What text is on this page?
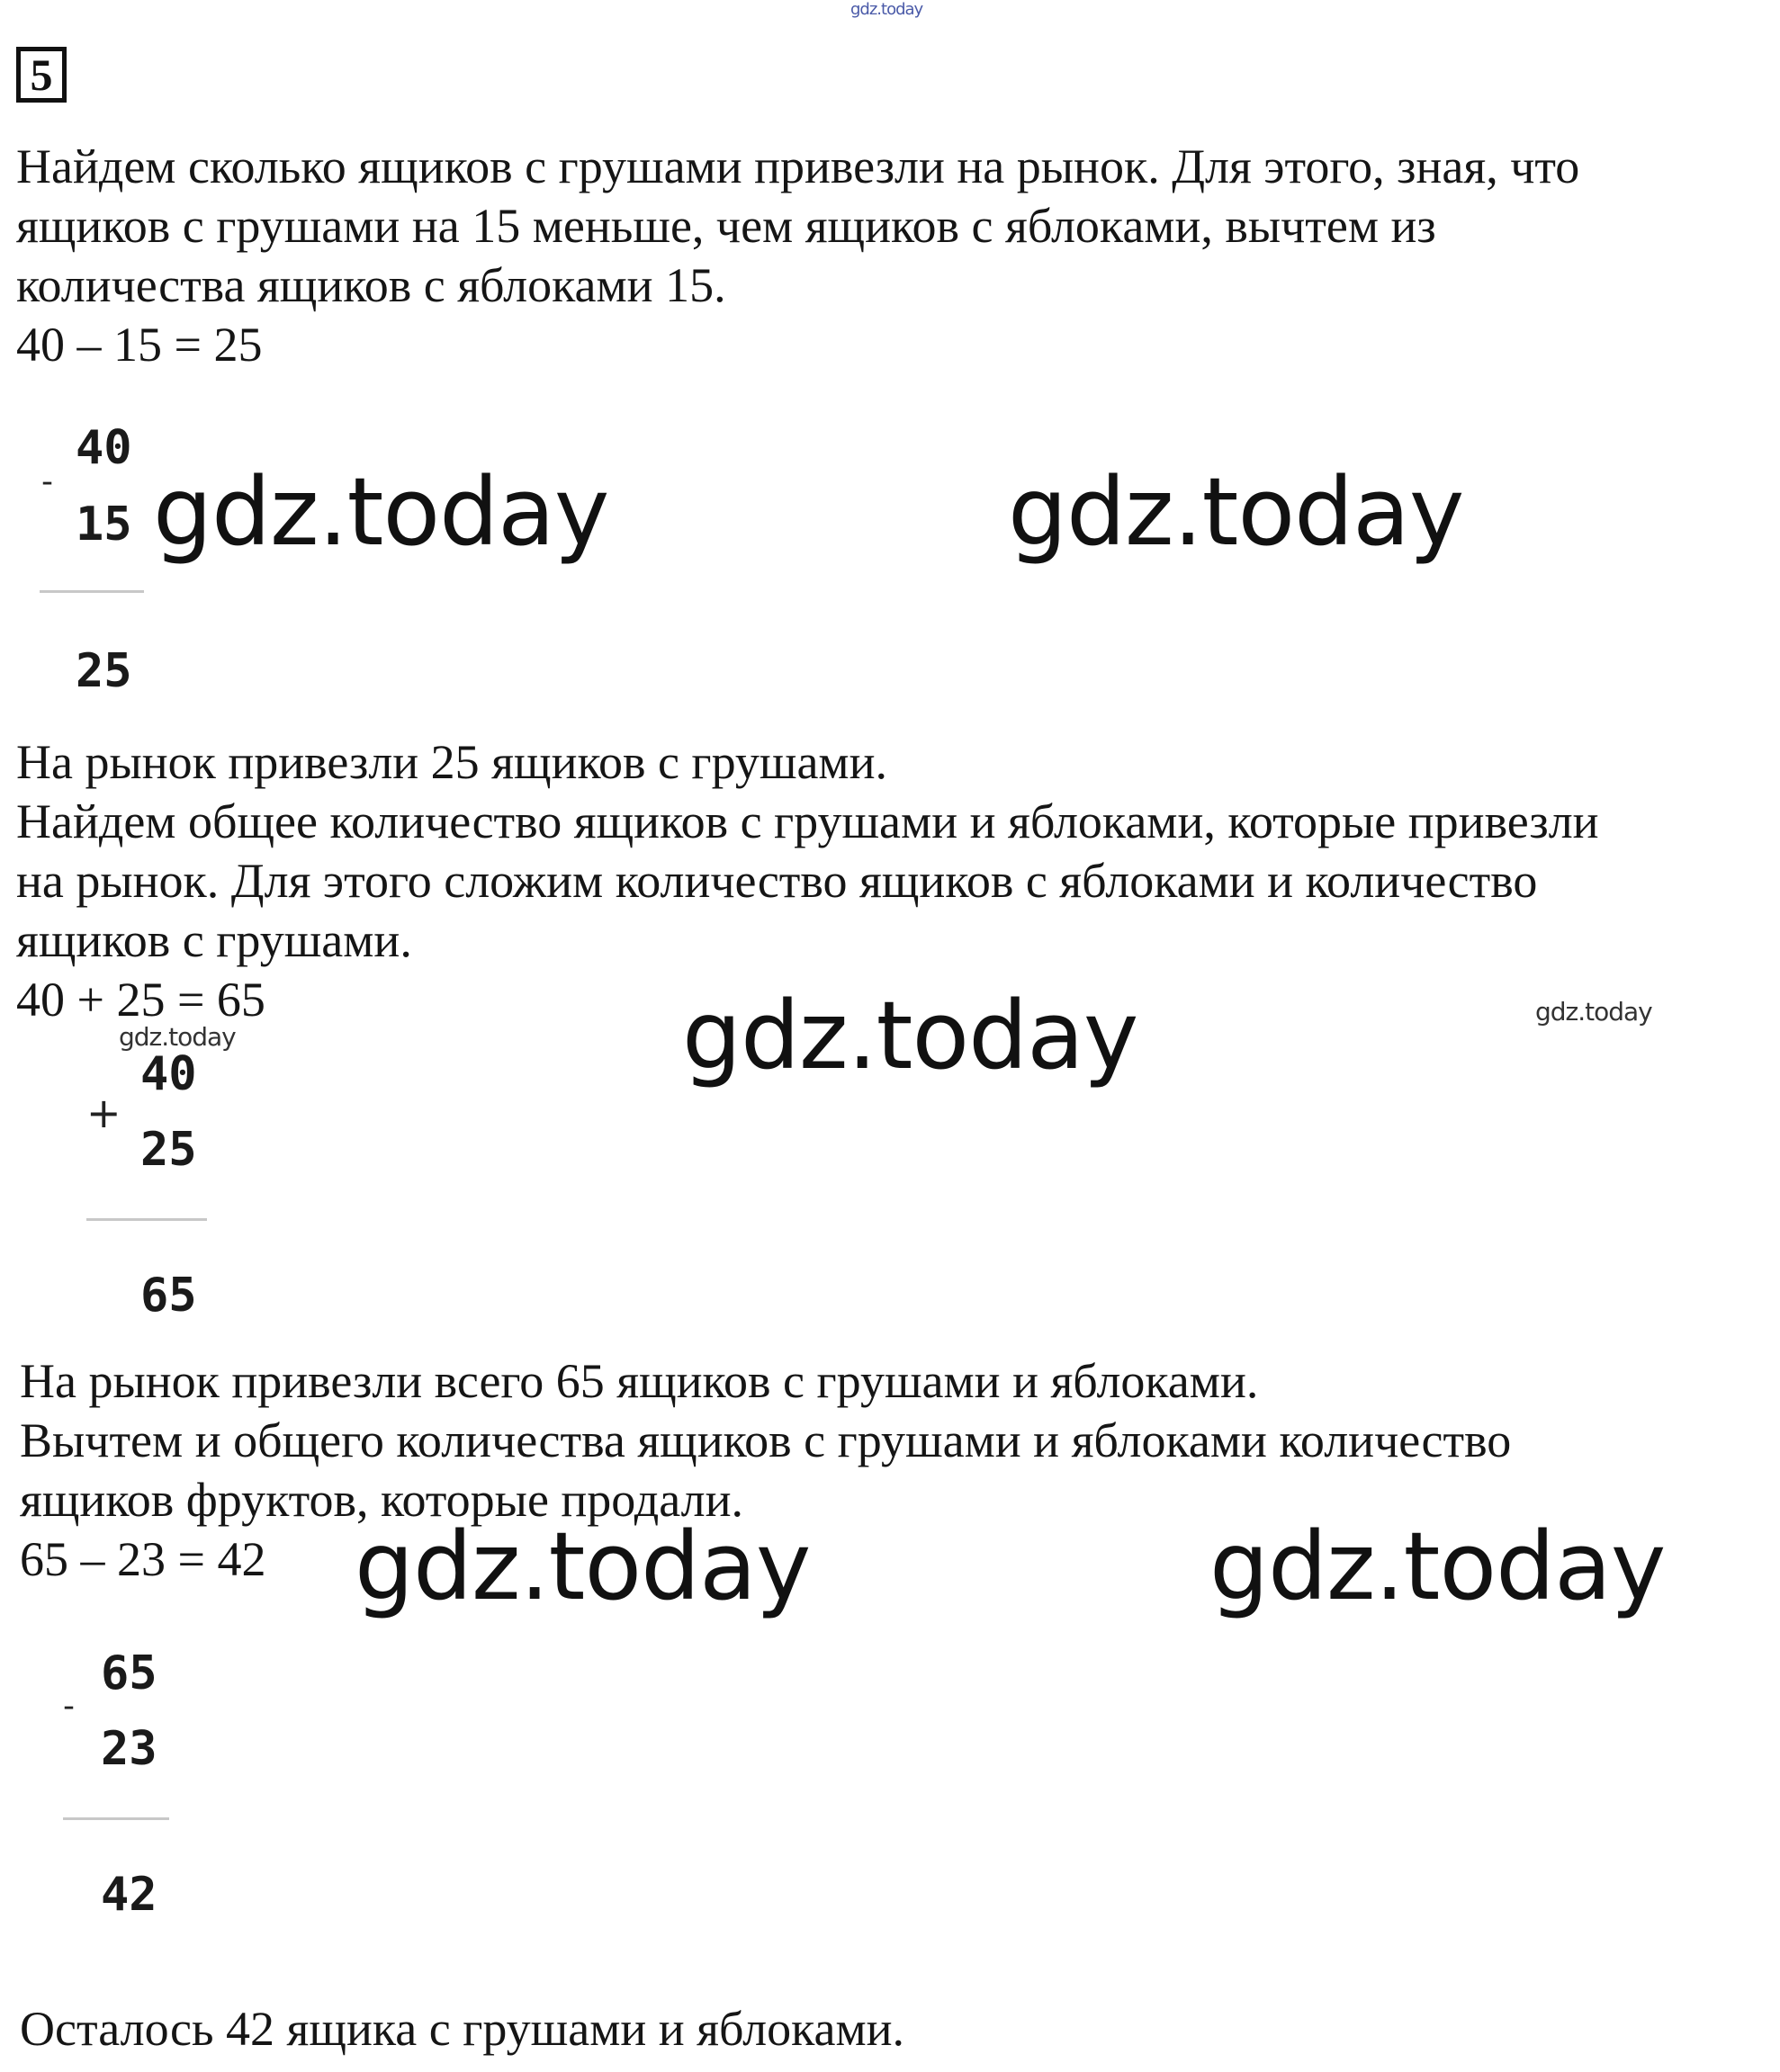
gdz.today
5
Найдем сколько ящиков с грушами привезли на рынок. Для этого, зная, что
ящиков с грушами на 15 меньше, чем ящиков с яблоками, вычтем из
количества ящиков с яблоками 15.
40 – 15 = 25
40
-
15
25
gdz.today	gdz.today
На рынок привезли 25 ящиков с грушами.
Найдем общее количество ящиков с грушами и яблоками, которые привезли
на рынок. Для этого сложим количество ящиков с яблоками и количество
ящиков с грушами.
40 + 25 = 65
gdz.today
gdz.today
gdz.today
40
+
25
65
На рынок привезли всего 65 ящиков с грушами и яблоками.
Вычтем и общего количества ящиков с грушами и яблоками количество
ящиков фруктов, которые продали.
65 – 23 = 42 gdz.today	gdz.today
65
-
23
42
Осталось 42 ящика с грушами и яблоками.
